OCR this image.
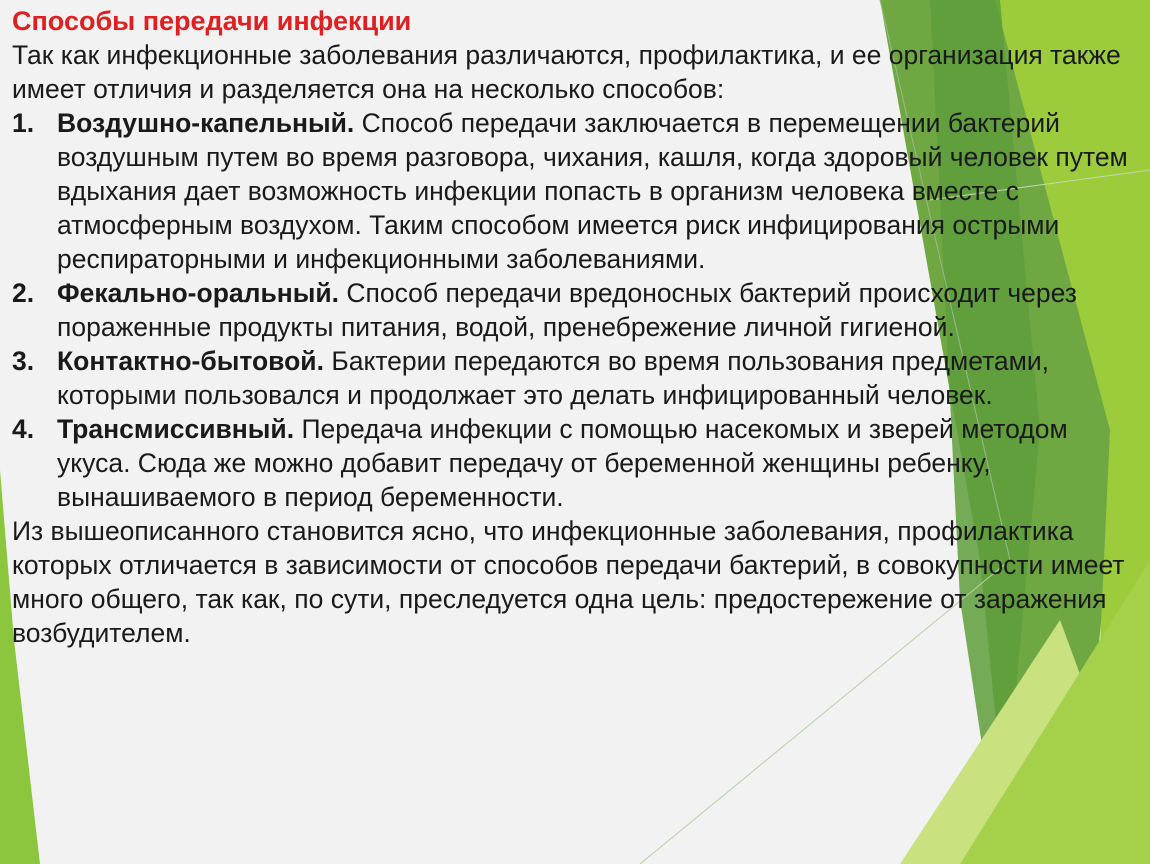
Способы передачи инфекции

Так как инфекционные заболевания различаются, профилактика, и ее организация также имеет отличия и разделяется она на несколько способов:

1. Воздушно-капельный. Способ передачи заключается в перемещении бактерий воздушным путем во время разговора, чихания, кашля, когда здоровый человек путем вдыхания дает возможность инфекции попасть в организм человека вместе с атмосферным воздухом. Таким способом имеется риск инфицирования острыми респираторными и инфекционными заболеваниями.
2. Фекально-оральный. Способ передачи вредоносных бактерий происходит через пораженные продукты питания, водой, пренебрежение личной гигиеной.
3. Контактно-бытовой. Бактерии передаются во время пользования предметами, которыми пользовался и продолжает это делать инфицированный человек.
4. Трансмиссивный. Передача инфекции с помощью насекомых и зверей методом укуса. Сюда же можно добавит передачу от беременной женщины ребенку, вынашиваемого в период беременности.

Из вышеописанного становится ясно, что инфекционные заболевания, профилактика которых отличается в зависимости от способов передачи бактерий, в совокупности имеет много общего, так как, по сути, преследуется одна цель: предостережение от заражения возбудителем.
